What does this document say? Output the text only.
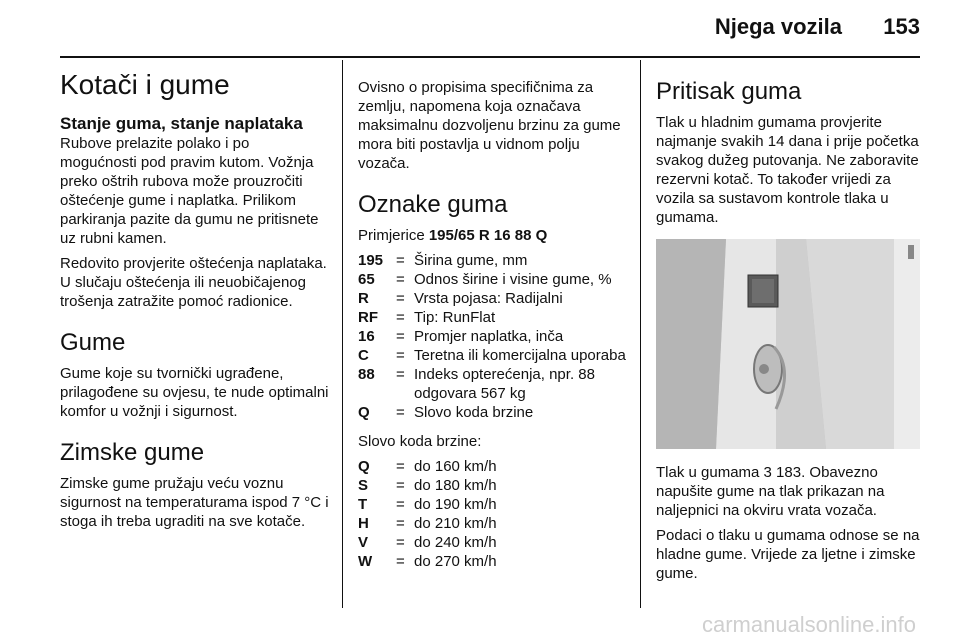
Njega vozila 153
Kotači i gume
Stanje guma, stanje naplataka

Rubove prelazite polako i po mogućnosti pod pravim kutom. Vožnja preko oštrih rubova može prouzročiti oštećenje gume i naplatka. Prilikom parkiranja pazite da gumu ne pritisnete uz rubni kamen.

Redovito provjerite oštećenja naplataka. U slučaju oštećenja ili neuobičajenog trošenja zatražite pomoć radionice.

Gume

Gume koje su tvornički ugrađene, prilagođene su ovjesu, te nude optimalni komfor u vožnji i sigurnost.

Zimske gume

Zimske gume pružaju veću voznu sigurnost na temperaturama ispod 7 °C i stoga ih treba ugraditi na sve kotače.

Ovisno o propisima specifičnima za zemlju, napomena koja označava maksimalnu dozvoljenu brzinu za gume mora biti postavlja u vidnom polju vozača.

Oznake guma

Primjerice 195/65 R 16 88 Q

195	=	Širina gume, mm
65	=	Odnos širine i visine gume, %
R	=	Vrsta pojasa: Radijalni
RF	=	Tip: RunFlat
16	=	Promjer naplatka, inča
C	=	Teretna ili komercijalna uporaba
88	=	Indeks opterećenja, npr. 88 odgovara 567 kg
Q	=	Slovo koda brzine

Slovo koda brzine:

Q	=	do 160 km/h
S	=	do 180 km/h
T	=	do 190 km/h
H	=	do 210 km/h
V	=	do 240 km/h
W	=	do 270 km/h
Pritisak guma

Tlak u hladnim gumama provjerite najmanje svakih 14 dana i prije početka svakog dužeg putovanja. Ne zaboravite rezervni kotač. To također vrijedi za vozila sa sustavom kontrole tlaka u gumama.

Tlak u gumama 3 183. Obavezno napušite gume na tlak prikazan na naljepnici na okviru vrata vozača.

Podaci o tlaku u gumama odnose se na hladne gume. Vrijede za ljetne i zimske gume.

carmanualsonline.info
